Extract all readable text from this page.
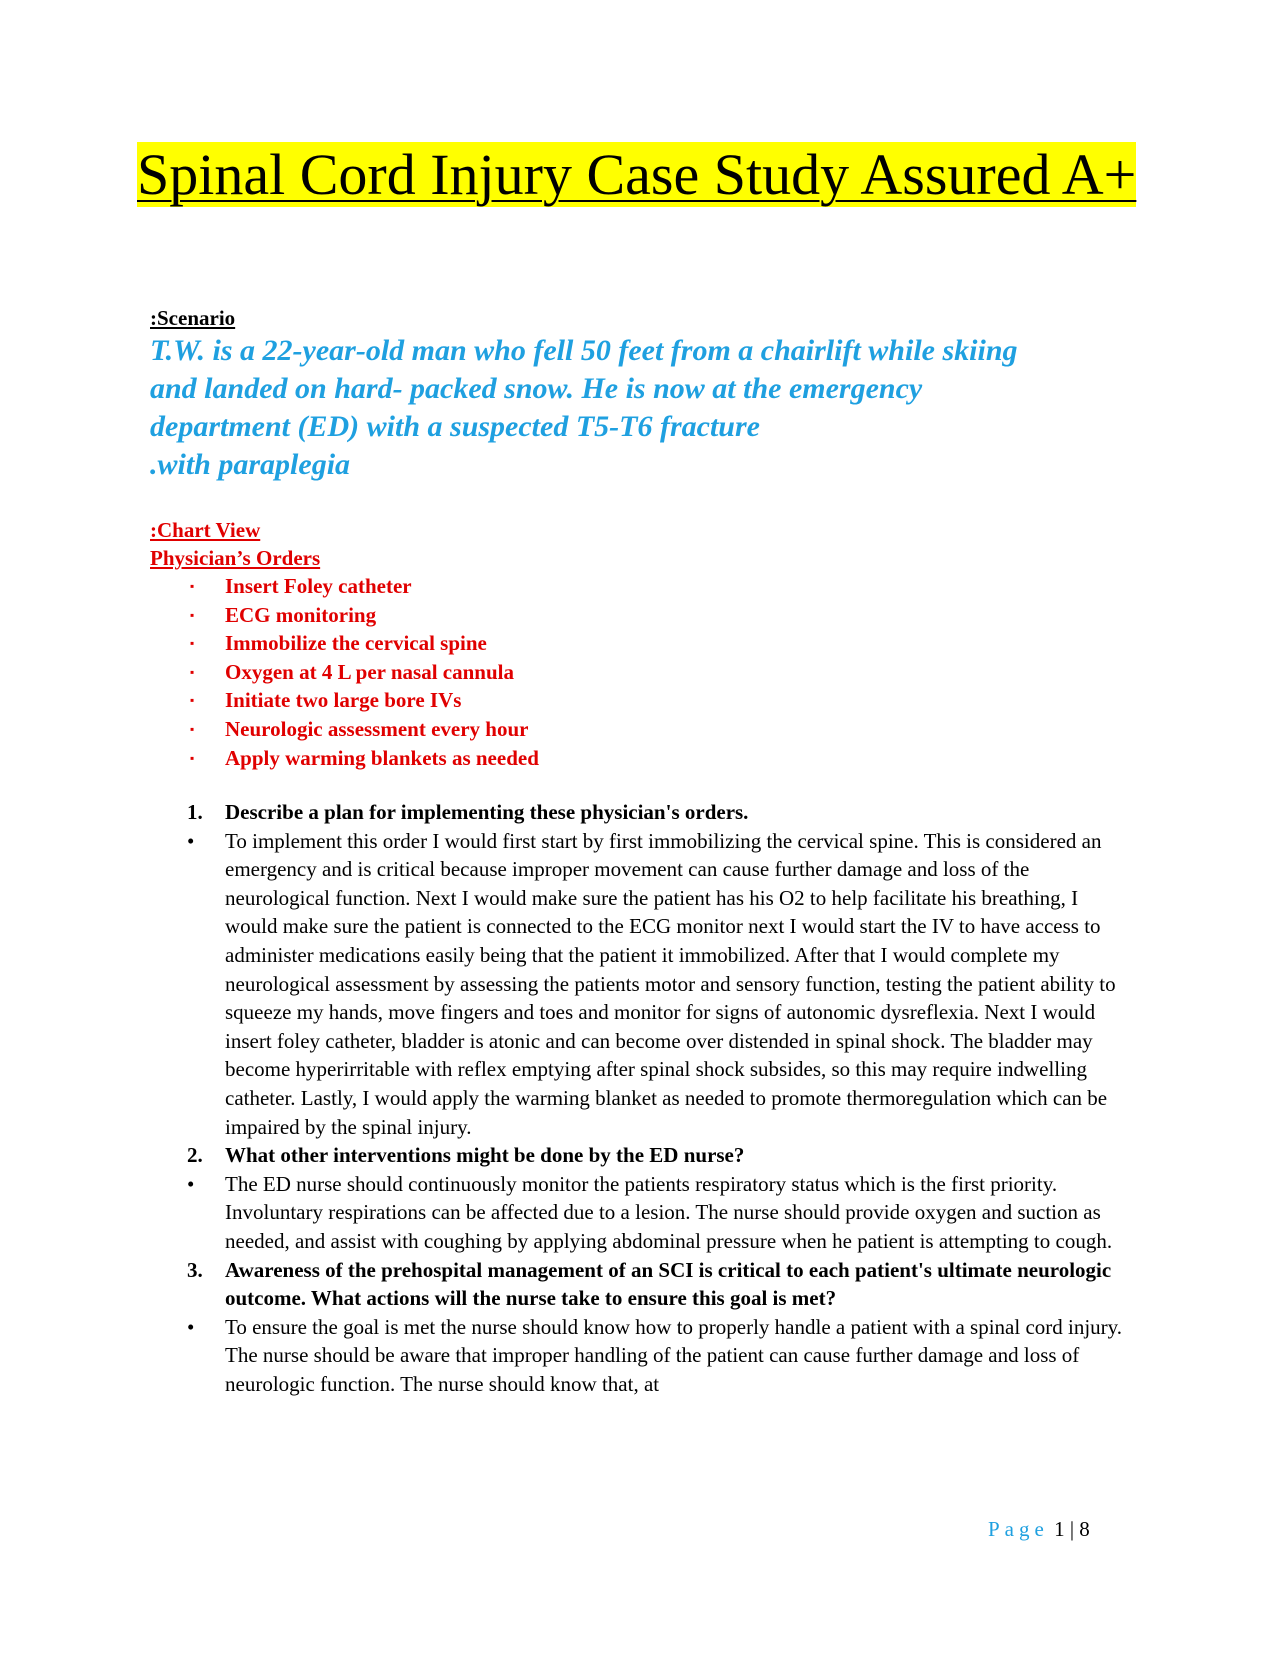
Spinal Cord Injury Case Study Assured A+
:Scenario
T.W. is a 22-year-old man who fell 50 feet from a chairlift while skiing
and landed on hard- packed snow. He is now at the emergency
department (ED) with a suspected T5-T6 fracture
.with paraplegia
:Chart View
Physician’s Orders
▪ Insert Foley catheter
▪ ECG monitoring
▪ Immobilize the cervical spine
▪ Oxygen at 4 L per nasal cannula
▪ Initiate two large bore IVs
▪ Neurologic assessment every hour
▪ Apply warming blankets as needed
1. Describe a plan for implementing these physician's orders.
• To implement this order I would first start by first immobilizing the cervical spine. This is considered an emergency and is critical because improper movement can cause further damage and loss of the neurological function. Next I would make sure the patient has his O2 to help facilitate his breathing, I would make sure the patient is connected to the ECG monitor next I would start the IV to have access to administer medications easily being that the patient it immobilized. After that I would complete my neurological assessment by assessing the patients motor and sensory function, testing the patient ability to squeeze my hands, move fingers and toes and monitor for signs of autonomic dysreflexia. Next I would insert foley catheter, bladder is atonic and can become over distended in spinal shock. The bladder may become hyperirritable with reflex emptying after spinal shock subsides, so this may require indwelling catheter. Lastly, I would apply the warming blanket as needed to promote thermoregulation which can be impaired by the spinal injury.
2. What other interventions might be done by the ED nurse?
• The ED nurse should continuously monitor the patients respiratory status which is the first priority. Involuntary respirations can be affected due to a lesion. The nurse should provide oxygen and suction as needed, and assist with coughing by applying abdominal pressure when he patient is attempting to cough.
3. Awareness of the prehospital management of an SCI is critical to each patient's ultimate neurologic outcome. What actions will the nurse take to ensure this goal is met?
• To ensure the goal is met the nurse should know how to properly handle a patient with a spinal cord injury. The nurse should be aware that improper handling of the patient can cause further damage and loss of neurologic function. The nurse should know that, at
Page 1 | 8
